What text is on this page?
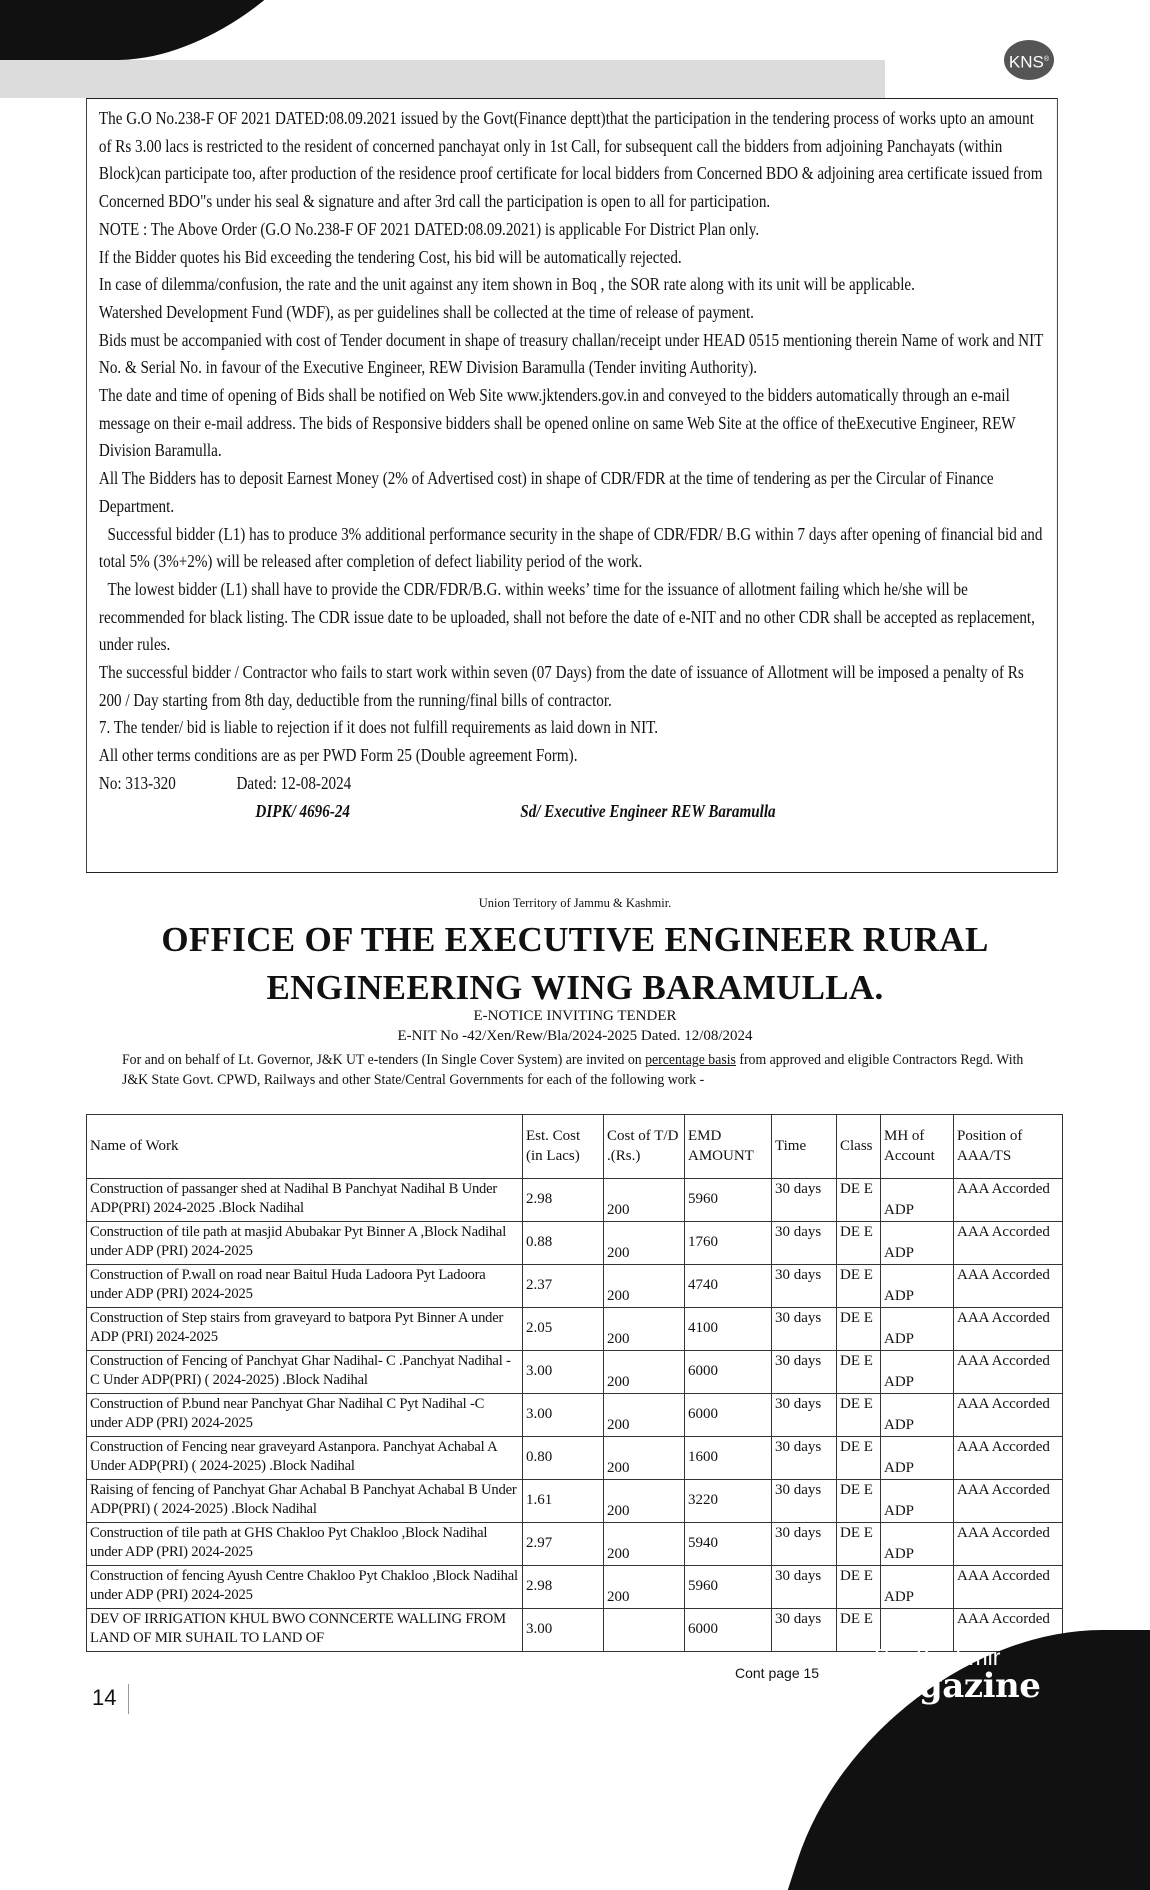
KNS®

The G.O No.238-F OF 2021 DATED:08.09.2021 issued by the Govt(Finance deptt)that the participation in the tendering process of works upto an amount of Rs 3.00 lacs is restricted to the resident of concerned panchayat only in 1st Call, for subsequent call the bidders from adjoining Panchayats (within Block)can participate too, after production of the residence proof certificate for local bidders from Concerned BDO & adjoining area certificate issued from Concerned BDO"s under his seal & signature and after 3rd call the participation is open to all for participation.

NOTE : The Above Order (G.O No.238-F OF 2021 DATED:08.09.2021) is applicable For District Plan only.

If the Bidder quotes his Bid exceeding the tendering Cost, his bid will be automatically rejected.

In case of dilemma/confusion, the rate and the unit against any item shown in Boq , the SOR rate along with its unit will be applicable.

Watershed Development Fund (WDF), as per guidelines shall be collected at the time of release of payment.

Bids must be accompanied with cost of Tender document in shape of treasury challan/receipt under HEAD 0515 mentioning therein Name of work and NIT No. & Serial No. in favour of the Executive Engineer, REW Division Baramulla (Tender inviting Authority).

The date and time of opening of Bids shall be notified on Web Site www.jktenders.gov.in and conveyed to the bidders automatically through an e-mail message on their e-mail address. The bids of Responsive bidders shall be opened online on same Web Site at the office of theExecutive Engineer, REW Division Baramulla.

All The Bidders has to deposit Earnest Money (2% of Advertised cost) in shape of CDR/FDR at the time of tendering as per the Circular of Finance Department.

Successful bidder (L1) has to produce 3% additional performance security in the shape of CDR/FDR/ B.G within 7 days after opening of financial bid and total 5% (3%+2%) will be released after completion of defect liability period of the work.

The lowest bidder (L1) shall have to provide the CDR/FDR/B.G. within weeks’ time for the issuance of allotment failing which he/she will be recommended for black listing. The CDR issue date to be uploaded, shall not before the date of e-NIT and no other CDR shall be accepted as replacement, under rules.

The successful bidder / Contractor who fails to start work within seven (07 Days) from the date of issuance of Allotment will be imposed a penalty of Rs 200 / Day starting from 8th day, deductible from the running/final bills of contractor.

7. The tender/ bid is liable to rejection if it does not fulfill requirements as laid down in NIT.

All other terms conditions are as per PWD Form 25 (Double agreement Form).

No: 313-320	Dated: 12-08-2024
DIPK/ 4696-24	Sd/ Executive Engineer REW Baramulla
Union Territory of Jammu & Kashmir.
OFFICE OF THE EXECUTIVE ENGINEER RURAL
ENGINEERING WING BARAMULLA.
E-NOTICE INVITING TENDER
E-NIT No -42/Xen/Rew/Bla/2024-2025 Dated. 12/08/2024
For and on behalf of Lt. Governor, J&K UT e-tenders (In Single Cover System) are invited on percentage basis from approved and eligible Contractors Regd. With J&K State Govt. CPWD, Railways and other State/Central Governments for each of the following work -
Name of Work	Est. Cost (in Lacs)	Cost of T/D .(Rs.)	EMD AMOUNT	Time	Class	MH of Account	Position of AAA/TS
Construction of passanger shed at Nadihal B Panchyat Nadihal B Under ADP(PRI) 2024-2025 .Block Nadihal	2.98	200	5960	30 days	DE E	ADP	AAA Accorded
Construction of tile path at masjid Abubakar Pyt Binner A ,Block Nadihal under ADP (PRI) 2024-2025	0.88	200	1760	30 days	DE E	ADP	AAA Accorded
Construction of P.wall on road near Baitul Huda Ladoora Pyt Ladoora under ADP (PRI) 2024-2025	2.37	200	4740	30 days	DE E	ADP	AAA Accorded
Construction of Step stairs from graveyard to batpora Pyt Binner A under ADP (PRI) 2024-2025	2.05	200	4100	30 days	DE E	ADP	AAA Accorded
Construction of Fencing of Panchyat Ghar Nadihal- C .Panchyat Nadihal -C Under ADP(PRI) ( 2024-2025) .Block Nadihal	3.00	200	6000	30 days	DE E	ADP	AAA Accorded
Construction of P.bund near Panchyat Ghar Nadihal C Pyt Nadihal -C under ADP (PRI) 2024-2025	3.00	200	6000	30 days	DE E	ADP	AAA Accorded
Construction of Fencing near graveyard Astanpora. Panchyat Achabal A Under ADP(PRI) ( 2024-2025) .Block Nadihal	0.80	200	1600	30 days	DE E	ADP	AAA Accorded
Raising of fencing of Panchyat Ghar Achabal B Panchyat Achabal B Under ADP(PRI) ( 2024-2025) .Block Nadihal	1.61	200	3220	30 days	DE E	ADP	AAA Accorded
Construction of tile path at GHS Chakloo Pyt Chakloo ,Block Nadihal under ADP (PRI) 2024-2025	2.97	200	5940	30 days	DE E	ADP	AAA Accorded
Construction of fencing Ayush Centre Chakloo Pyt Chakloo ,Block Nadihal under ADP (PRI) 2024-2025	2.98	200	5960	30 days	DE E	ADP	AAA Accorded
DEV OF IRRIGATION KHUL BWO CONNCERTE WALLING FROM LAND OF MIR SUHAIL TO LAND OF	3.00		6000	30 days	DE E		AAA Accorded
14
Cont page 15
The Kashmir
magazine
